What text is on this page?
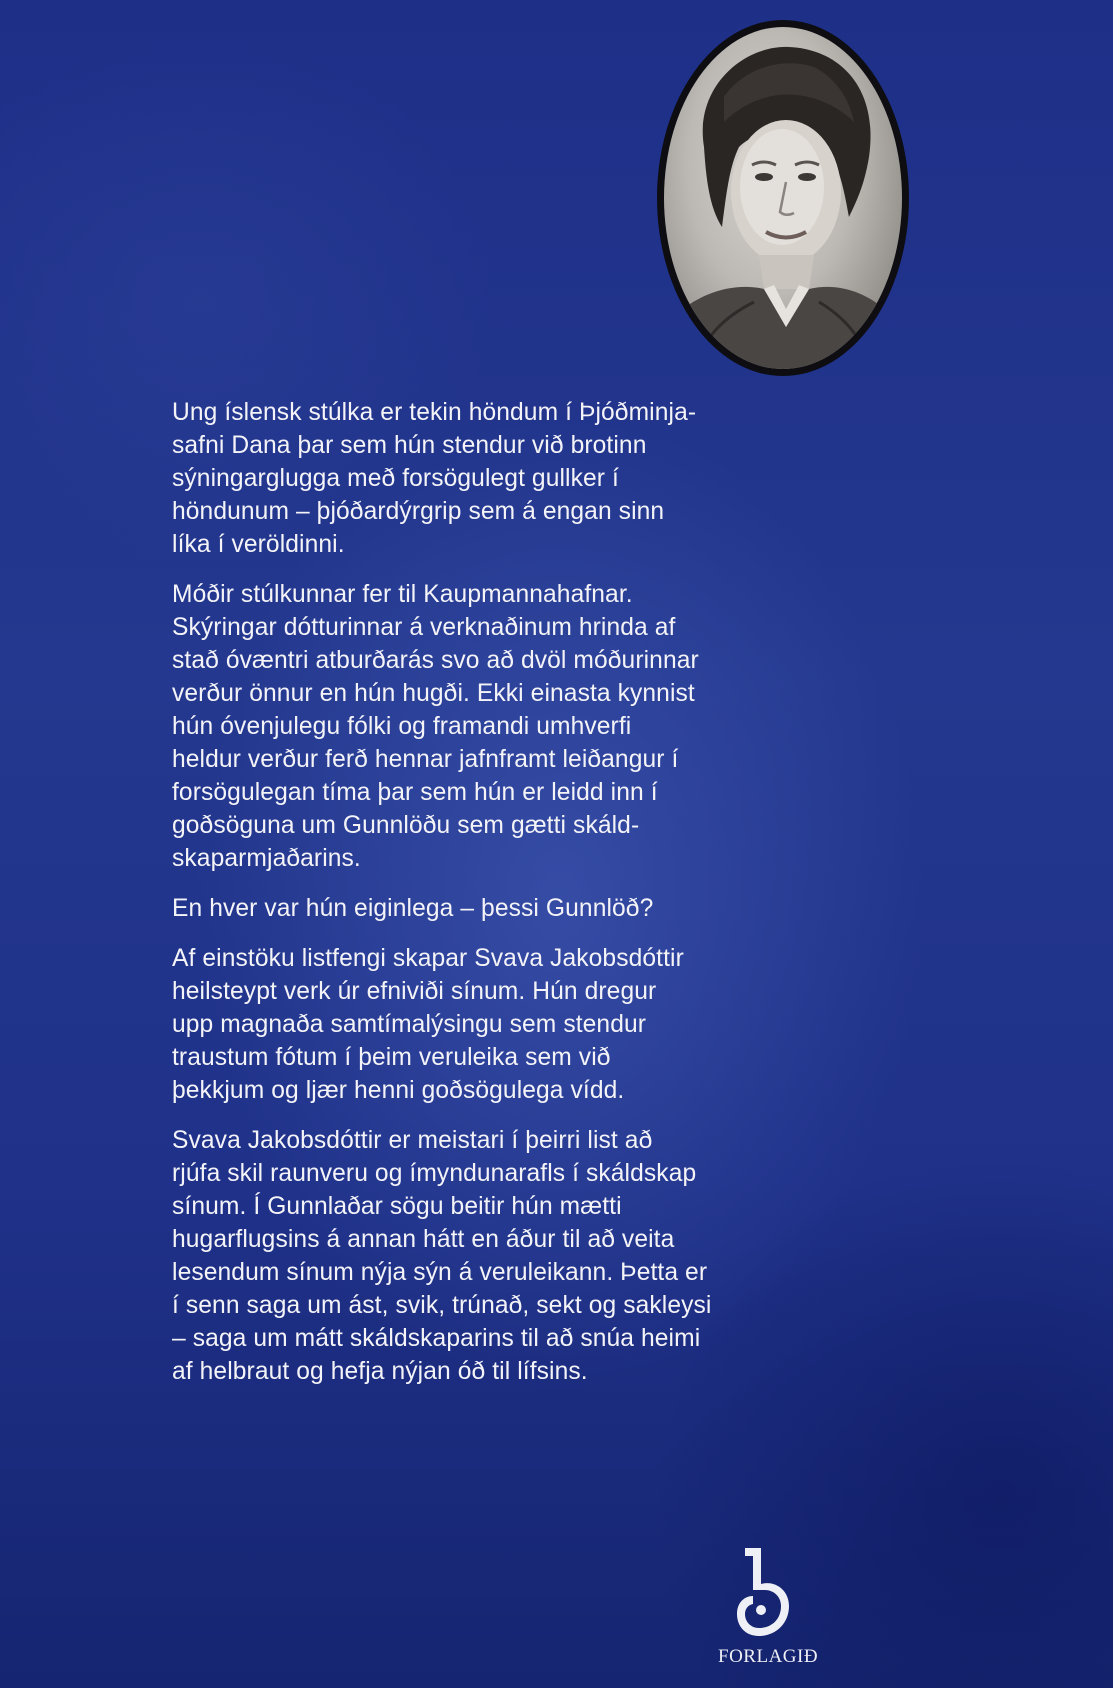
Ung íslensk stúlka er tekin höndum í Þjóðminja-
safni Dana þar sem hún stendur við brotinn
sýningarglugga með forsögulegt gullker í
höndunum – þjóðardýrgrip sem á engan sinn
líka í veröldinni.

Móðir stúlkunnar fer til Kaupmannahafnar.
Skýringar dótturinnar á verknaðinum hrinda af
stað óvæntri atburðarás svo að dvöl móðurinnar
verður önnur en hún hugði. Ekki einasta kynnist
hún óvenjulegu fólki og framandi umhverfi
heldur verður ferð hennar jafnframt leiðangur í
forsögulegan tíma þar sem hún er leidd inn í
goðsöguna um Gunnlöðu sem gætti skáld-
skaparmjaðarins.

En hver var hún eiginlega – þessi Gunnlöð?

Af einstöku listfengi skapar Svava Jakobsdóttir
heilsteypt verk úr efniviði sínum. Hún dregur
upp magnaða samtímalýsingu sem stendur
traustum fótum í þeim veruleika sem við
þekkjum og ljær henni goðsögulega vídd.

Svava Jakobsdóttir er meistari í þeirri list að
rjúfa skil raunveru og ímyndunarafls í skáldskap
sínum. Í Gunnlaðar sögu beitir hún mætti
hugarflugsins á annan hátt en áður til að veita
lesendum sínum nýja sýn á veruleikann. Þetta er
í senn saga um ást, svik, trúnað, sekt og sakleysi
– saga um mátt skáldskaparins til að snúa heimi
af helbraut og hefja nýjan óð til lífsins.

FORLAGIÐ
